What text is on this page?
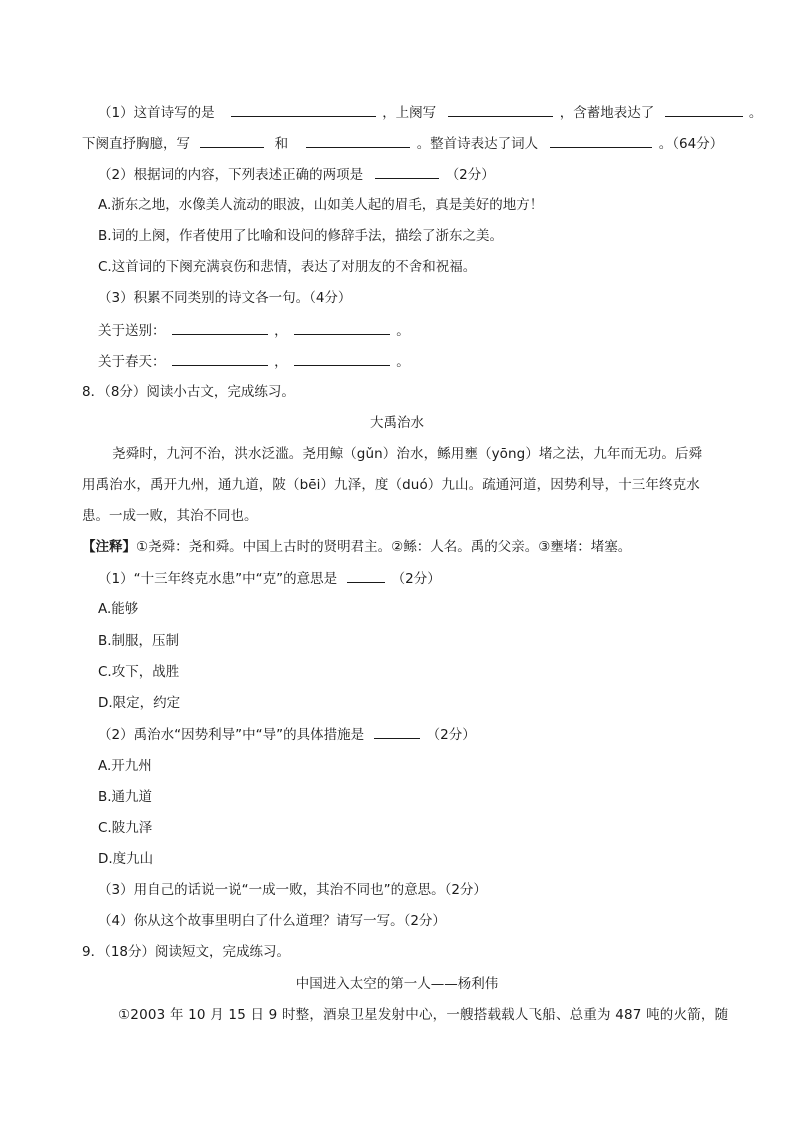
（1）这首诗写的是	，上阕写	，含蓄地表达了	。
下阕直抒胸臆，写	和	。整首诗表达了词人	。（64分）
（2）根据词的内容，下列表述正确的两项是	（2分）
A.浙东之地，水像美人流动的眼波，山如美人起的眉毛，真是美好的地方！
B.词的上阕，作者使用了比喻和设问的修辞手法，描绘了浙东之美。
C.这首词的下阕充满哀伤和悲情，表达了对朋友的不舍和祝福。
（3）积累不同类别的诗文各一句。（4分）
关于送别：	，	。
关于春天：	，	。
8．（8分）阅读小古文，完成练习。
大禹治水
尧舜时，九河不治，洪水泛滥。尧用鲸（gǔn）治水，鲧用壅（yōng）堵之法，九年而无功。后舜
用禹治水，禹开九州，通九道，陂（bēi）九泽，度（duó）九山。疏通河道，因势利导，十三年终克水
患。一成一败，其治不同也。
【注释】①尧舜：尧和舜。中国上古时的贤明君主。②鲧：人名。禹的父亲。③壅堵：堵塞。
（1）“十三年终克水患”中“克”的意思是	（2分）
A.能够
B.制服，压制
C.攻下，战胜
D.限定，约定
（2）禹治水“因势利导”中“导”的具体措施是	（2分）
A.开九州
B.通九道
C.陂九泽
D.度九山
（3）用自己的话说一说“一成一败，其治不同也”的意思。（2分）
（4）你从这个故事里明白了什么道理？请写一写。（2分）
9．（18分）阅读短文，完成练习。
中国进入太空的第一人——杨利伟
①2003 年 10 月 15 日 9 时整，酒泉卫星发射中心，一艘搭载载人飞船、总重为 487 吨的火箭，随
